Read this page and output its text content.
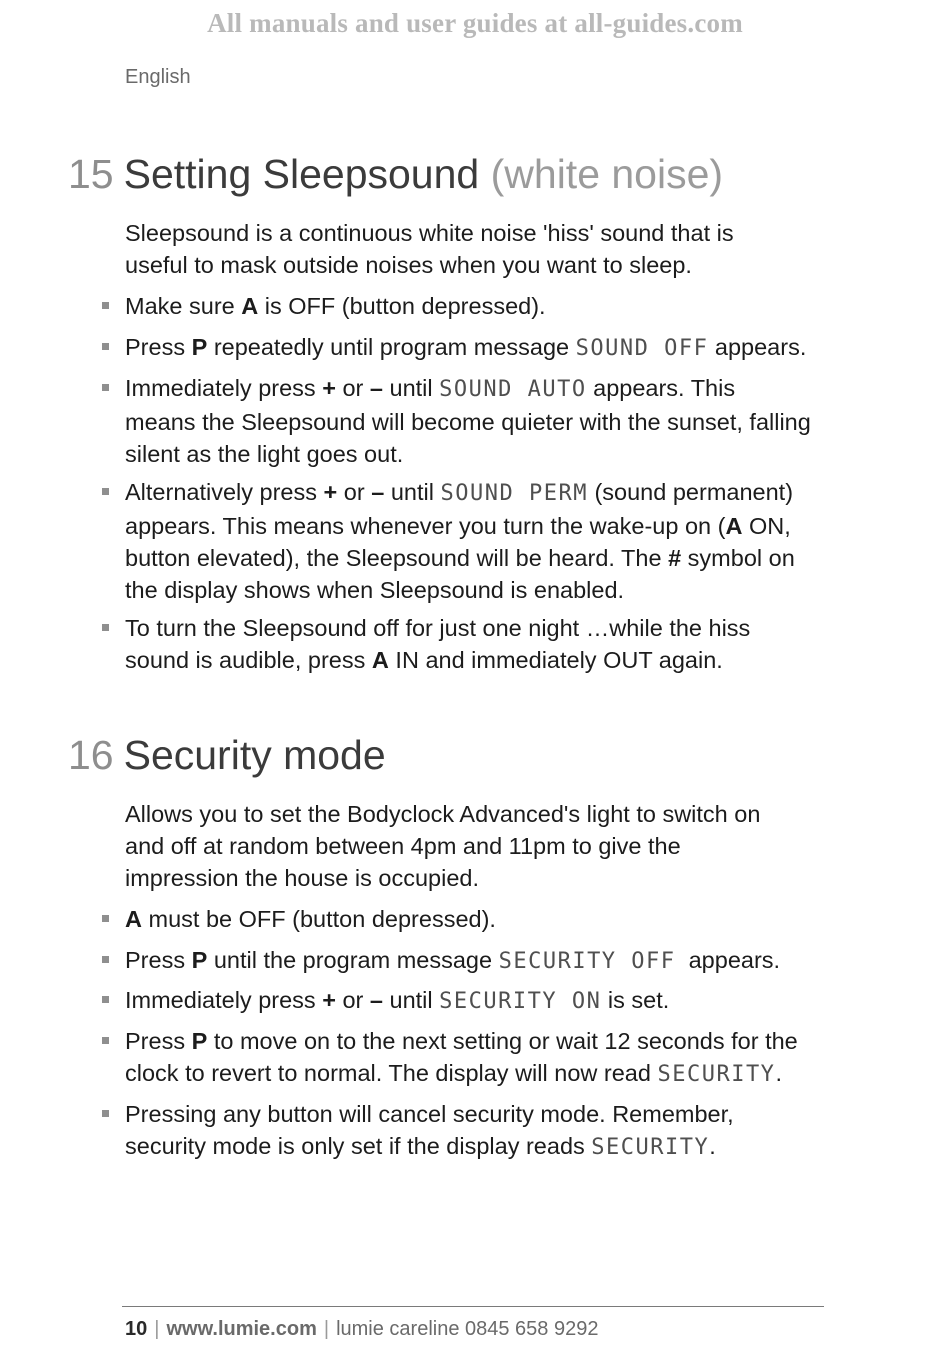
All manuals and user guides at all-guides.com
English
15 Setting Sleepsound (white noise)
Sleepsound is a continuous white noise 'hiss' sound that is
useful to mask outside noises when you want to sleep.
Make sure A is OFF (button depressed).
Press P repeatedly until program message SOUND OFF appears.
Immediately press + or – until SOUND AUTO appears. This
means the Sleepsound will become quieter with the sunset, falling
silent as the light goes out.
Alternatively press + or – until SOUND PERM (sound permanent)
appears. This means whenever you turn the wake-up on (A ON,
button elevated), the Sleepsound will be heard. The # symbol on
the display shows when Sleepsound is enabled.
To turn the Sleepsound off for just one night …while the hiss
sound is audible, press A IN and immediately OUT again.
16 Security mode
Allows you to set the Bodyclock Advanced's light to switch on
and off at random between 4pm and 11pm to give the
impression the house is occupied.
A must be OFF (button depressed).
Press P until the program message SECURITY OFF  appears.
Immediately press + or – until SECURITY ON is set.
Press P to move on to the next setting or wait 12 seconds for the
clock to revert to normal. The display will now read SECURITY.
Pressing any button will cancel security mode. Remember,
security mode is only set if the display reads SECURITY.
10 | www.lumie.com | lumie careline 0845 658 9292
